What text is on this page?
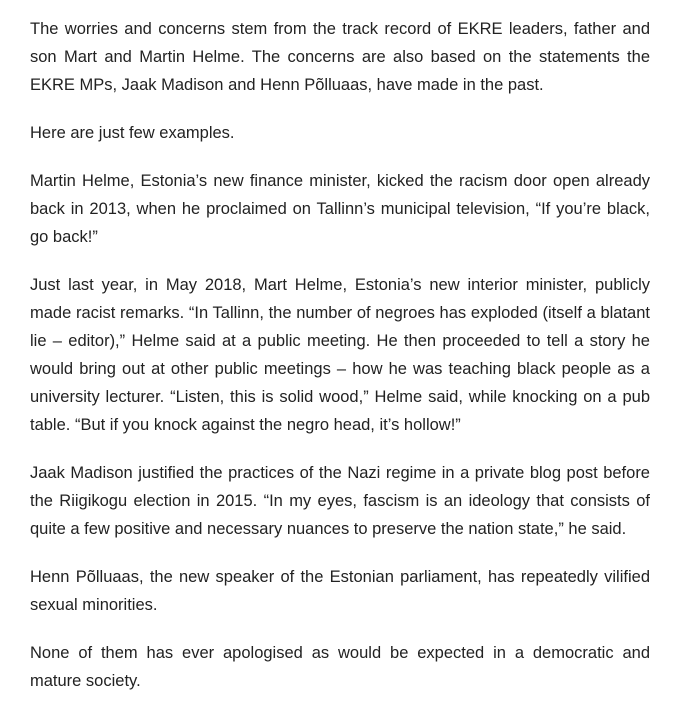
The worries and concerns stem from the track record of EKRE leaders, father and son Mart and Martin Helme. The concerns are also based on the statements the EKRE MPs, Jaak Madison and Henn Põlluaas, have made in the past.

Here are just few examples.

Martin Helme, Estonia’s new finance minister, kicked the racism door open already back in 2013, when he proclaimed on Tallinn’s municipal television, “If you’re black, go back!”

Just last year, in May 2018, Mart Helme, Estonia’s new interior minister, publicly made racist remarks. “In Tallinn, the number of negroes has exploded (itself a blatant lie – editor),” Helme said at a public meeting. He then proceeded to tell a story he would bring out at other public meetings – how he was teaching black people as a university lecturer. “Listen, this is solid wood,” Helme said, while knocking on a pub table. “But if you knock against the negro head, it’s hollow!”

Jaak Madison justified the practices of the Nazi regime in a private blog post before the Riigikogu election in 2015. “In my eyes, fascism is an ideology that consists of quite a few positive and necessary nuances to preserve the nation state,” he said.

Henn Põlluaas, the new speaker of the Estonian parliament, has repeatedly vilified sexual minorities.

None of them has ever apologised as would be expected in a democratic and mature society.
